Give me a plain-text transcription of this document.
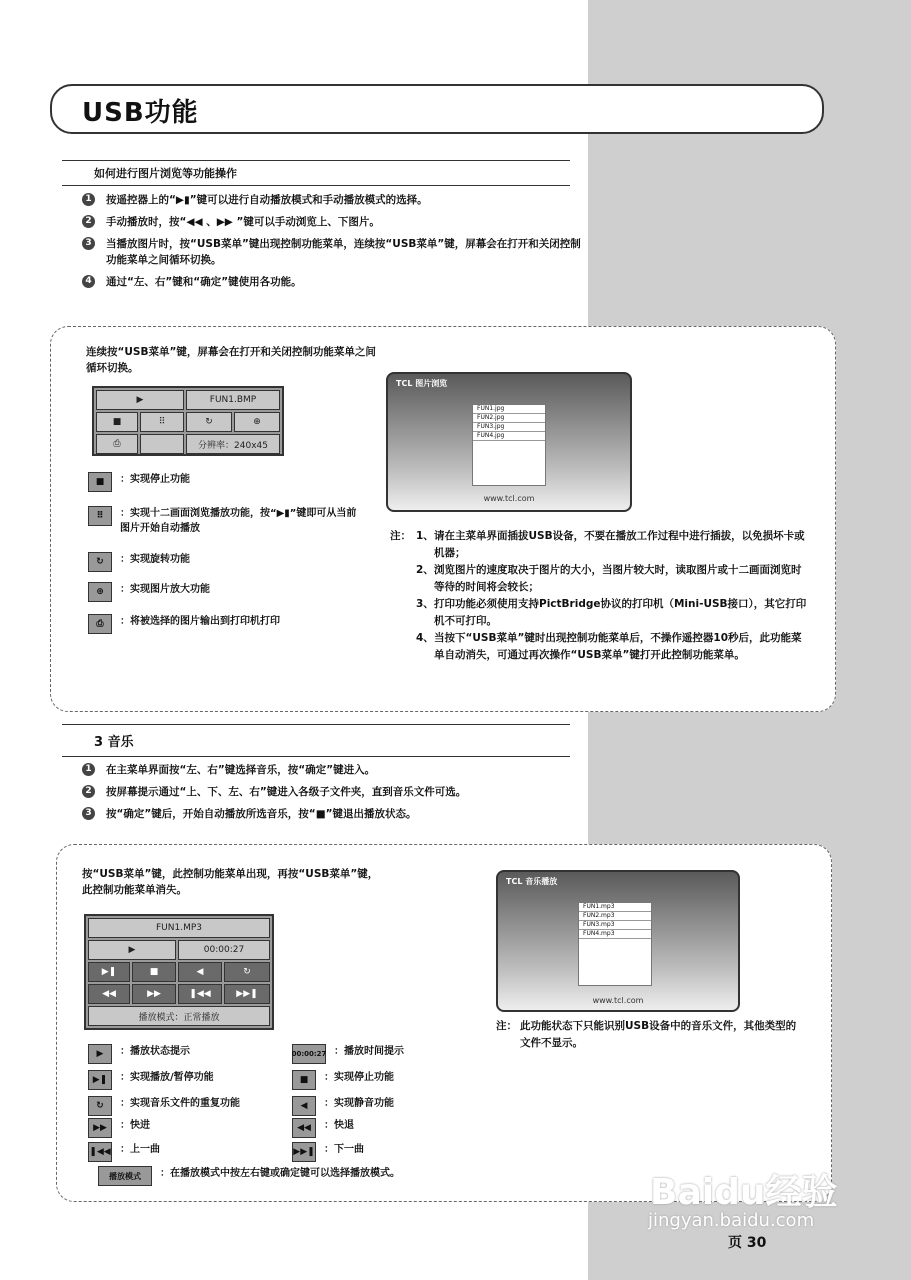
USB功能
如何进行图片浏览等功能操作
1	按遥控器上的“▶▮”键可以进行自动播放模式和手动播放模式的选择。
2	手动播放时，按“◀◀ 、▶▶ ”键可以手动浏览上、下图片。
3	当播放图片时，按“USB菜单”键出现控制功能菜单，连续按“USB菜单”键，屏幕会在打开和关闭控制功能菜单之间循环切换。
4	通过“左、右”键和“确定”键使用各功能。
连续按“USB菜单”键，屏幕会在打开和关闭控制功能菜单之间循环切换。
▶	FUN1.BMP
■	⠿	↻	⊕
⎙	分辨率：240x45
■	：实现停止功能
⠿	：实现十二画面浏览播放功能，按“▶▮”键即可从当前图片开始自动播放
↻	：实现旋转功能
⊕	：实现图片放大功能
⎙	：将被选择的图片输出到打印机打印
TCL 图片浏览
FUN1.jpg
FUN2.jpg
FUN3.jpg
FUN4.jpg
www.tcl.com
注： 1、 请在主菜单界面插拔USB设备，不要在播放工作过程中进行插拔，以免损坏卡或机器；
2、 浏览图片的速度取决于图片的大小，当图片较大时，读取图片或十二画面浏览时等待的时间将会较长；
3、 打印功能必须使用支持PictBridge协议的打印机（Mini-USB接口），其它打印机不可打印。
4、 当按下“USB菜单”键时出现控制功能菜单后，不操作遥控器10秒后，此功能菜单自动消失，可通过再次操作“USB菜单”键打开此控制功能菜单。
3 音乐
1	在主菜单界面按“左、右”键选择音乐，按“确定”键进入。
2	按屏幕提示通过“上、下、左、右”键进入各级子文件夹，直到音乐文件可选。
3	按“确定”键后，开始自动播放所选音乐，按“■”键退出播放状态。
按“USB菜单”键，此控制功能菜单出现，再按“USB菜单”键，此控制功能菜单消失。
FUN1.MP3
▶	00:00:27
▶❚	■	◀	↻
◀◀	▶▶	❚◀◀	▶▶❚
播放模式：正常播放
▶	：播放状态提示	00:00:27 ：播放时间提示
▶❚	：实现播放/暂停功能	■	：实现停止功能
↻	：实现音乐文件的重复功能	◀	：实现静音功能
▶▶	：快进	◀◀	：快退
❚◀◀ ：上一曲	▶▶❚ ：下一曲
播放模式	：在播放模式中按左右键或确定键可以选择播放模式。
TCL 音乐播放
FUN1.mp3
FUN2.mp3
FUN3.mp3
FUN4.mp3
www.tcl.com
注： 此功能状态下只能识别USB设备中的音乐文件，其他类型的文件不显示。
Baidu经验
jingyan.baidu.com
页 30
